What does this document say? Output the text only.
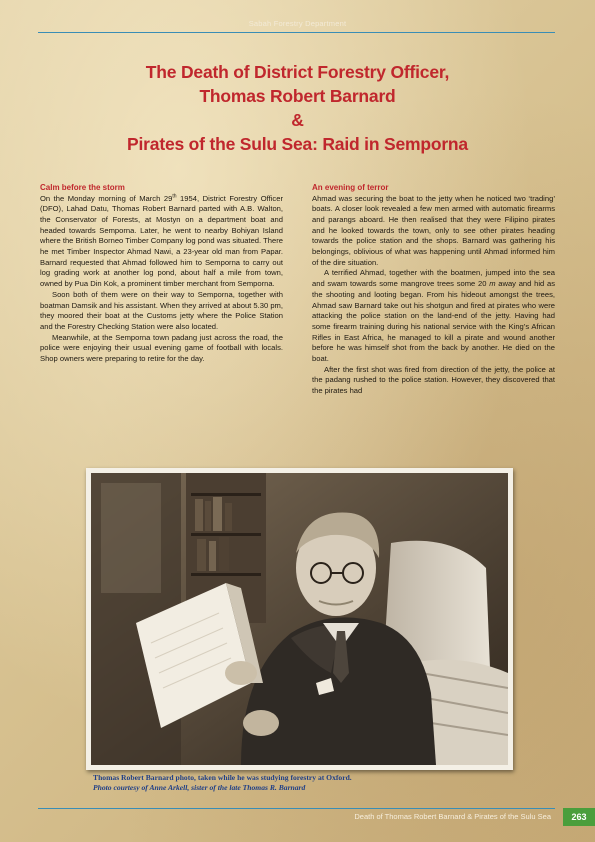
Sabah Forestry Department
The Death of District Forestry Officer,
Thomas Robert Barnard
&
Pirates of the Sulu Sea: Raid in Semporna
Calm before the storm

On the Monday morning of March 29th 1954, District Forestry Officer (DFO), Lahad Datu, Thomas Robert Barnard parted with A.B. Walton, the Conservator of Forests, at Mostyn on a department boat and headed towards Semporna. Later, he went to nearby Bohiyan Island where the British Borneo Timber Company log pond was situated. There he met Timber Inspector Ahmad Nawi, a 23-year old man from Papar. Barnard requested that Ahmad followed him to Semporna to carry out log grading work at another log pond, about half a mile from town, owned by Pua Din Kok, a prominent timber merchant from Semporna.

Soon both of them were on their way to Semporna, together with boatman Damsik and his assistant. When they arrived at about 5.30 pm, they moored their boat at the Customs jetty where the Police Station and the Forestry Checking Station were also located.

Meanwhile, at the Semporna town padang just across the road, the police were enjoying their usual evening game of football with locals. Shop owners were preparing to retire for the day.

An evening of terror

Ahmad was securing the boat to the jetty when he noticed two ‘trading’ boats. A closer look revealed a few men armed with automatic firearms and parangs aboard. He then realised that they were Filipino pirates and he looked towards the town, only to see other pirates heading towards the police station and the shops. Barnard was gathering his belongings, oblivious of what was happening until Ahmad informed him of the dire situation.

A terrified Ahmad, together with the boatmen, jumped into the sea and swam towards some mangrove trees some 20 m away and hid as the shooting and looting began. From his hideout amongst the trees, Ahmad saw Barnard take out his shotgun and fired at pirates who were attacking the police station on the land-end of the jetty. Having had some firearm training during his national service with the King’s African Rifles in East Africa, he managed to kill a pirate and wound another before he was himself shot from the back by another. He died on the boat.

After the first shot was fired from direction of the jetty, the police at the padang rushed to the police station. However, they discovered that the pirates had

Thomas Robert Barnard photo, taken while he was studying forestry at Oxford.
Photo courtesy of Anne Arkell, sister of the late Thomas R. Barnard
Death of Thomas Robert Barnard & Pirates of the Sulu Sea	263
